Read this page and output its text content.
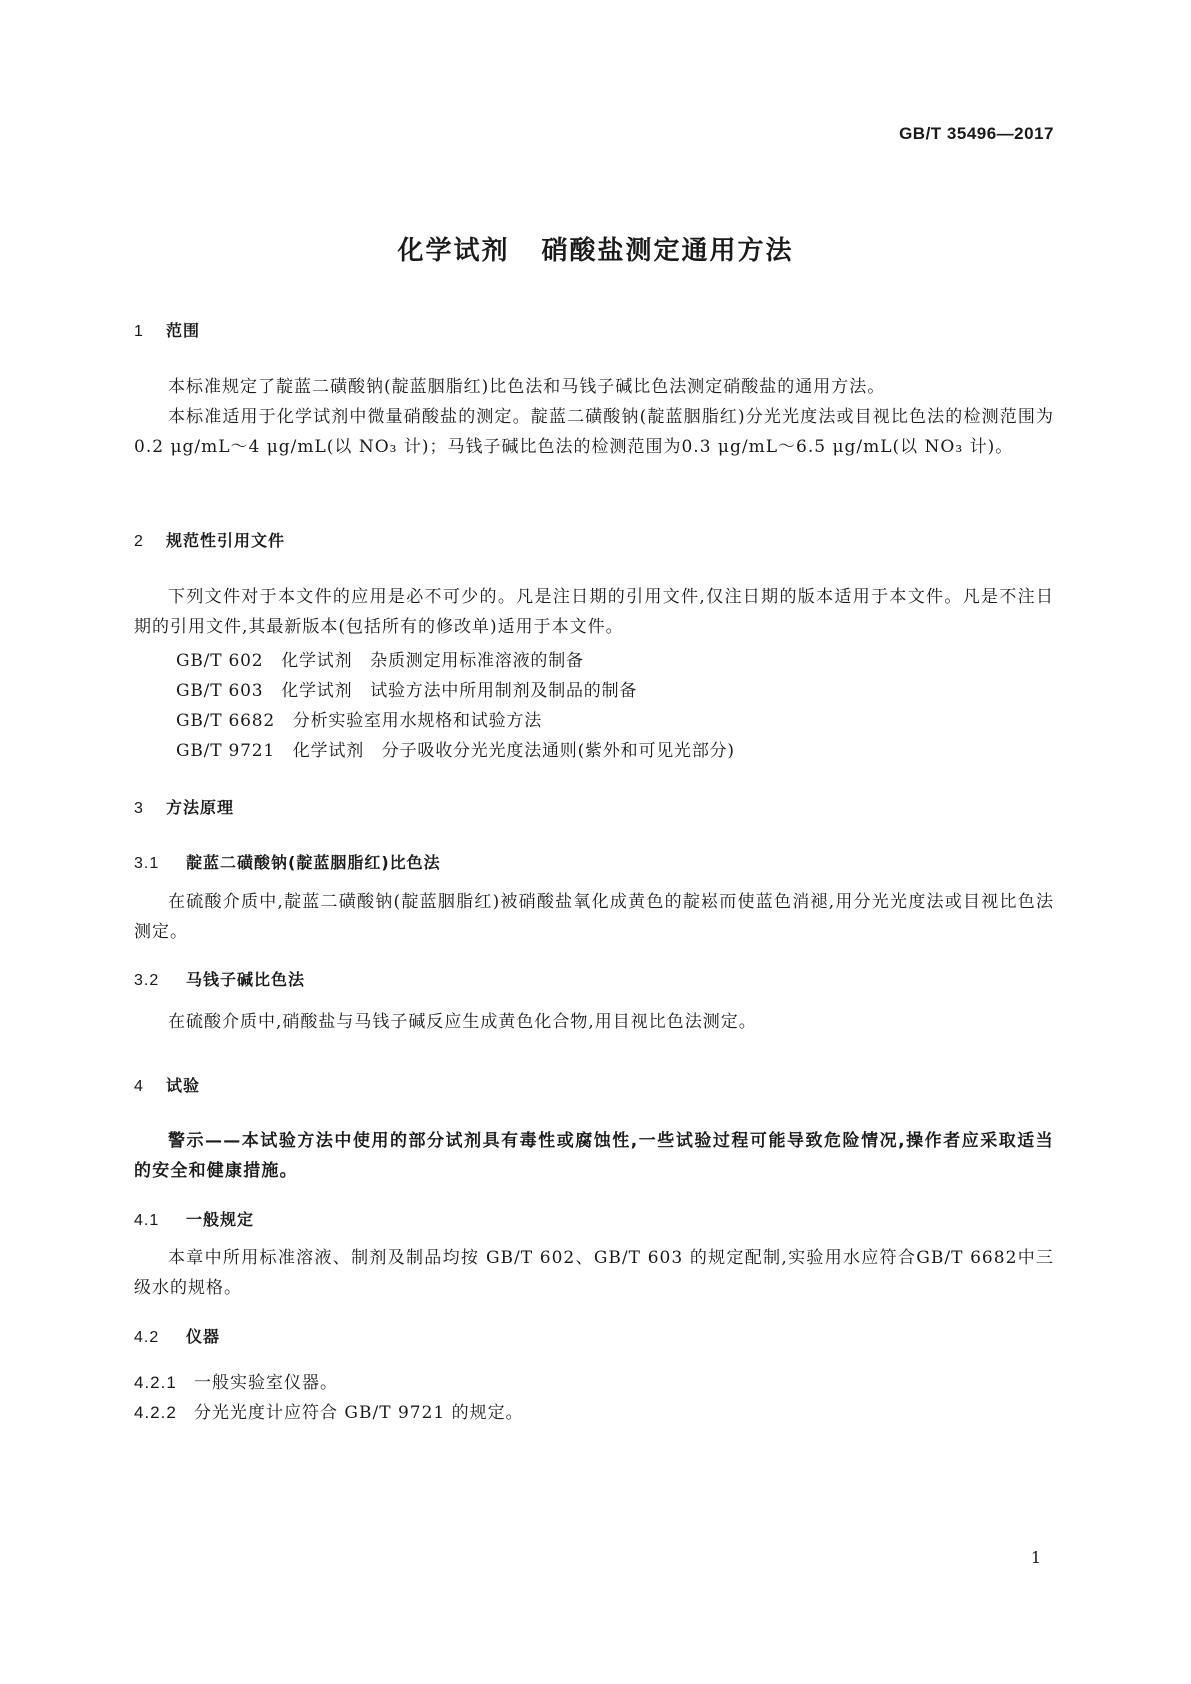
GB/T 35496—2017
化学试剂 硝酸盐测定通用方法
1 范围
本标准规定了靛蓝二磺酸钠(靛蓝胭脂红)比色法和马钱子碱比色法测定硝酸盐的通用方法。
本标准适用于化学试剂中微量硝酸盐的测定。靛蓝二磺酸钠(靛蓝胭脂红)分光光度法或目视比色法的检测范围为0.2 μg/mL～4 μg/mL(以 NO₃ 计)；马钱子碱比色法的检测范围为0.3 μg/mL～6.5 μg/mL(以 NO₃ 计)。
2 规范性引用文件
下列文件对于本文件的应用是必不可少的。凡是注日期的引用文件,仅注日期的版本适用于本文件。凡是不注日期的引用文件,其最新版本(包括所有的修改单)适用于本文件。
GB/T 602　化学试剂　杂质测定用标准溶液的制备
GB/T 603　化学试剂　试验方法中所用制剂及制品的制备
GB/T 6682　分析实验室用水规格和试验方法
GB/T 9721　化学试剂　分子吸收分光光度法通则(紫外和可见光部分)
3 方法原理
3.1 靛蓝二磺酸钠(靛蓝胭脂红)比色法
在硫酸介质中,靛蓝二磺酸钠(靛蓝胭脂红)被硝酸盐氧化成黄色的靛崧而使蓝色消褪,用分光光度法或目视比色法测定。
3.2 马钱子碱比色法
在硫酸介质中,硝酸盐与马钱子碱反应生成黄色化合物,用目视比色法测定。
4 试验
警示——本试验方法中使用的部分试剂具有毒性或腐蚀性,一些试验过程可能导致危险情况,操作者应采取适当的安全和健康措施。
4.1 一般规定
本章中所用标准溶液、制剂及制品均按 GB/T 602、GB/T 603 的规定配制,实验用水应符合GB/T 6682中三级水的规格。
4.2 仪器
4.2.1 一般实验室仪器。
4.2.2 分光光度计应符合 GB/T 9721 的规定。
1
